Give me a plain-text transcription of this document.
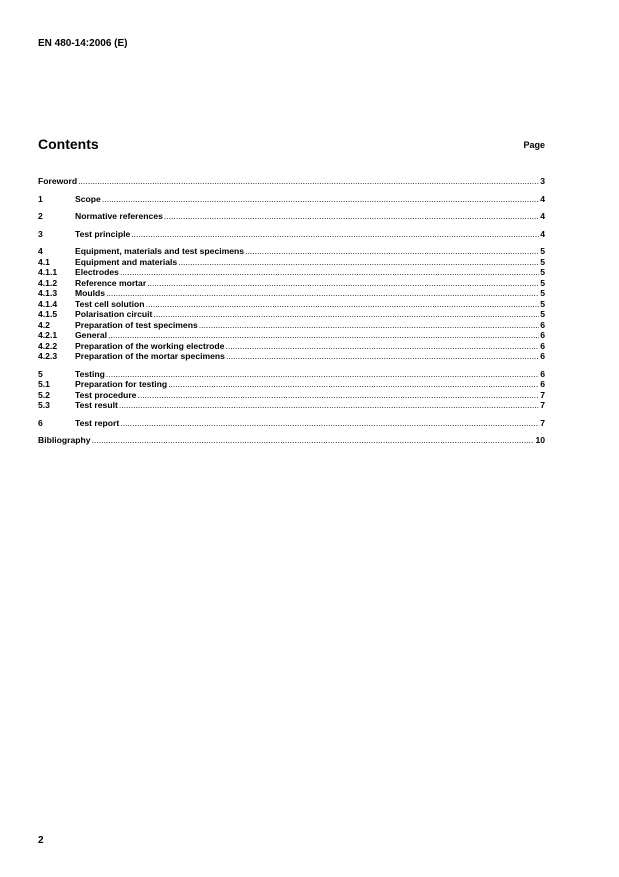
EN 480-14:2006 (E)
Contents	Page
Foreword .....	3
1	Scope .....	4
2	Normative references .....	4
3	Test principle .....	4
4	Equipment, materials and test specimens .....	5
4.1	Equipment and materials .....	5
4.1.1	Electrodes .....	5
4.1.2	Reference mortar .....	5
4.1.3	Moulds .....	5
4.1.4	Test cell solution .....	5
4.1.5	Polarisation circuit .....	5
4.2	Preparation of test specimens .....	6
4.2.1	General .....	6
4.2.2	Preparation of the working electrode .....	6
4.2.3	Preparation of the mortar specimens .....	6
5	Testing .....	6
5.1	Preparation for testing .....	6
5.2	Test procedure .....	7
5.3	Test result .....	7
6	Test report .....	7
Bibliography .....	10
2
